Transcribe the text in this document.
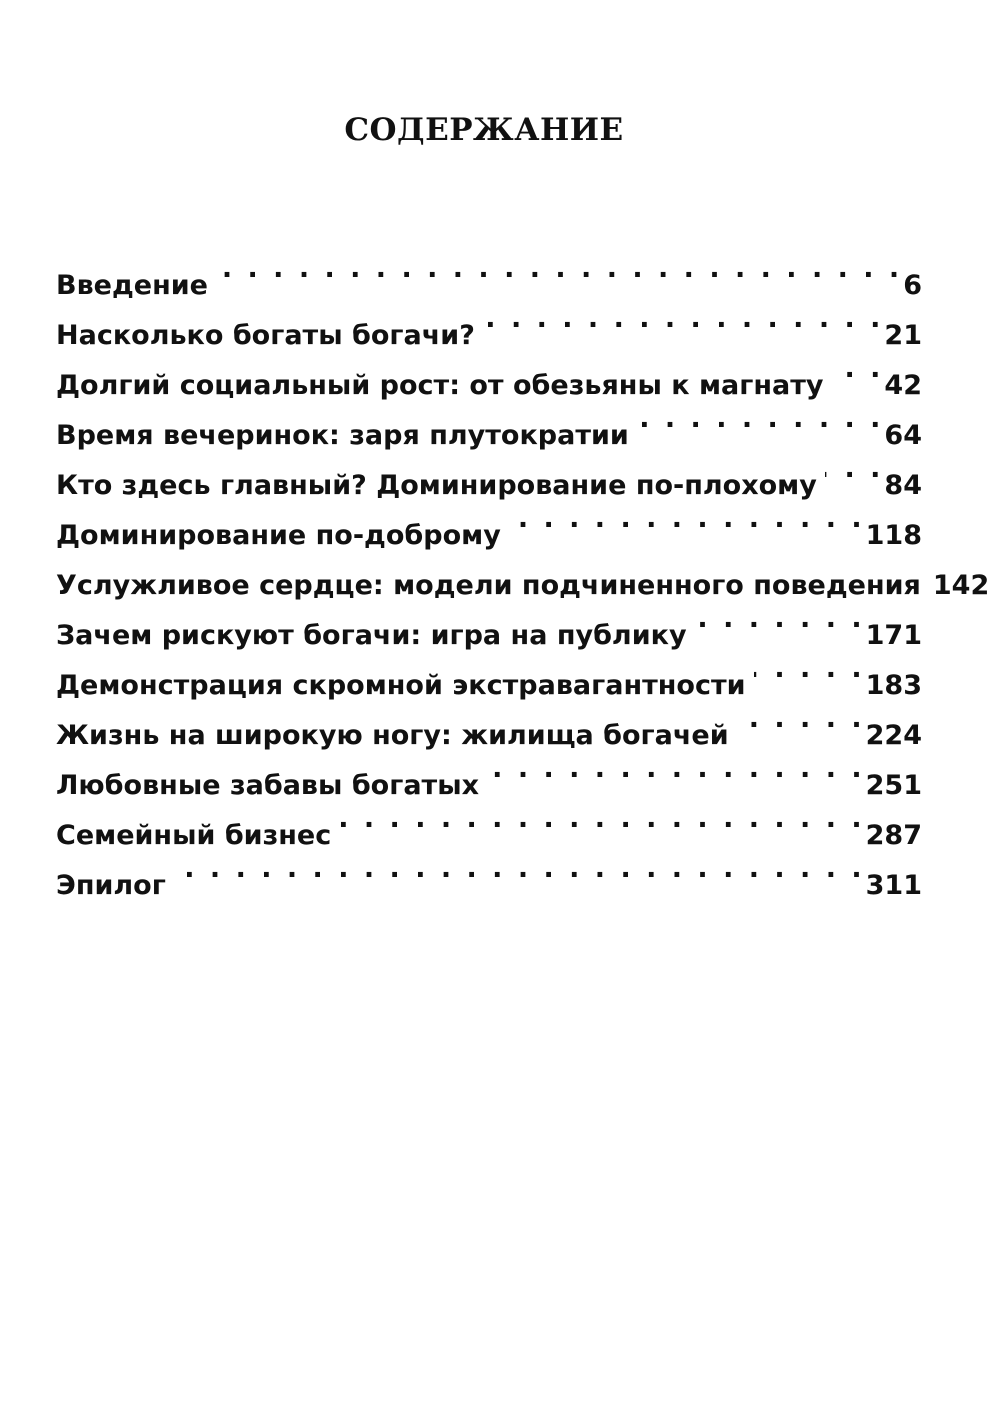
СОДЕРЖАНИЕ
Введение . . .	6
Насколько богаты богачи? . . .	21
Долгий социальный рост: от обезьяны к магнату . . . 42
Время вечеринок: заря плутократии . . .	64
Кто здесь главный? Доминирование по-плохому . . .	84
Доминирование по-доброму . . .	118
Услужливое сердце: модели подчиненного поведения 142
Зачем рискуют богачи: игра на публику . . .	171
Демонстрация скромной экстравагантности . . .	183
Жизнь на широкую ногу: жилища богачей . . .	224
Любовные забавы богатых . . .	251
Семейный бизнес . . .	287
Эпилог . . .	311
